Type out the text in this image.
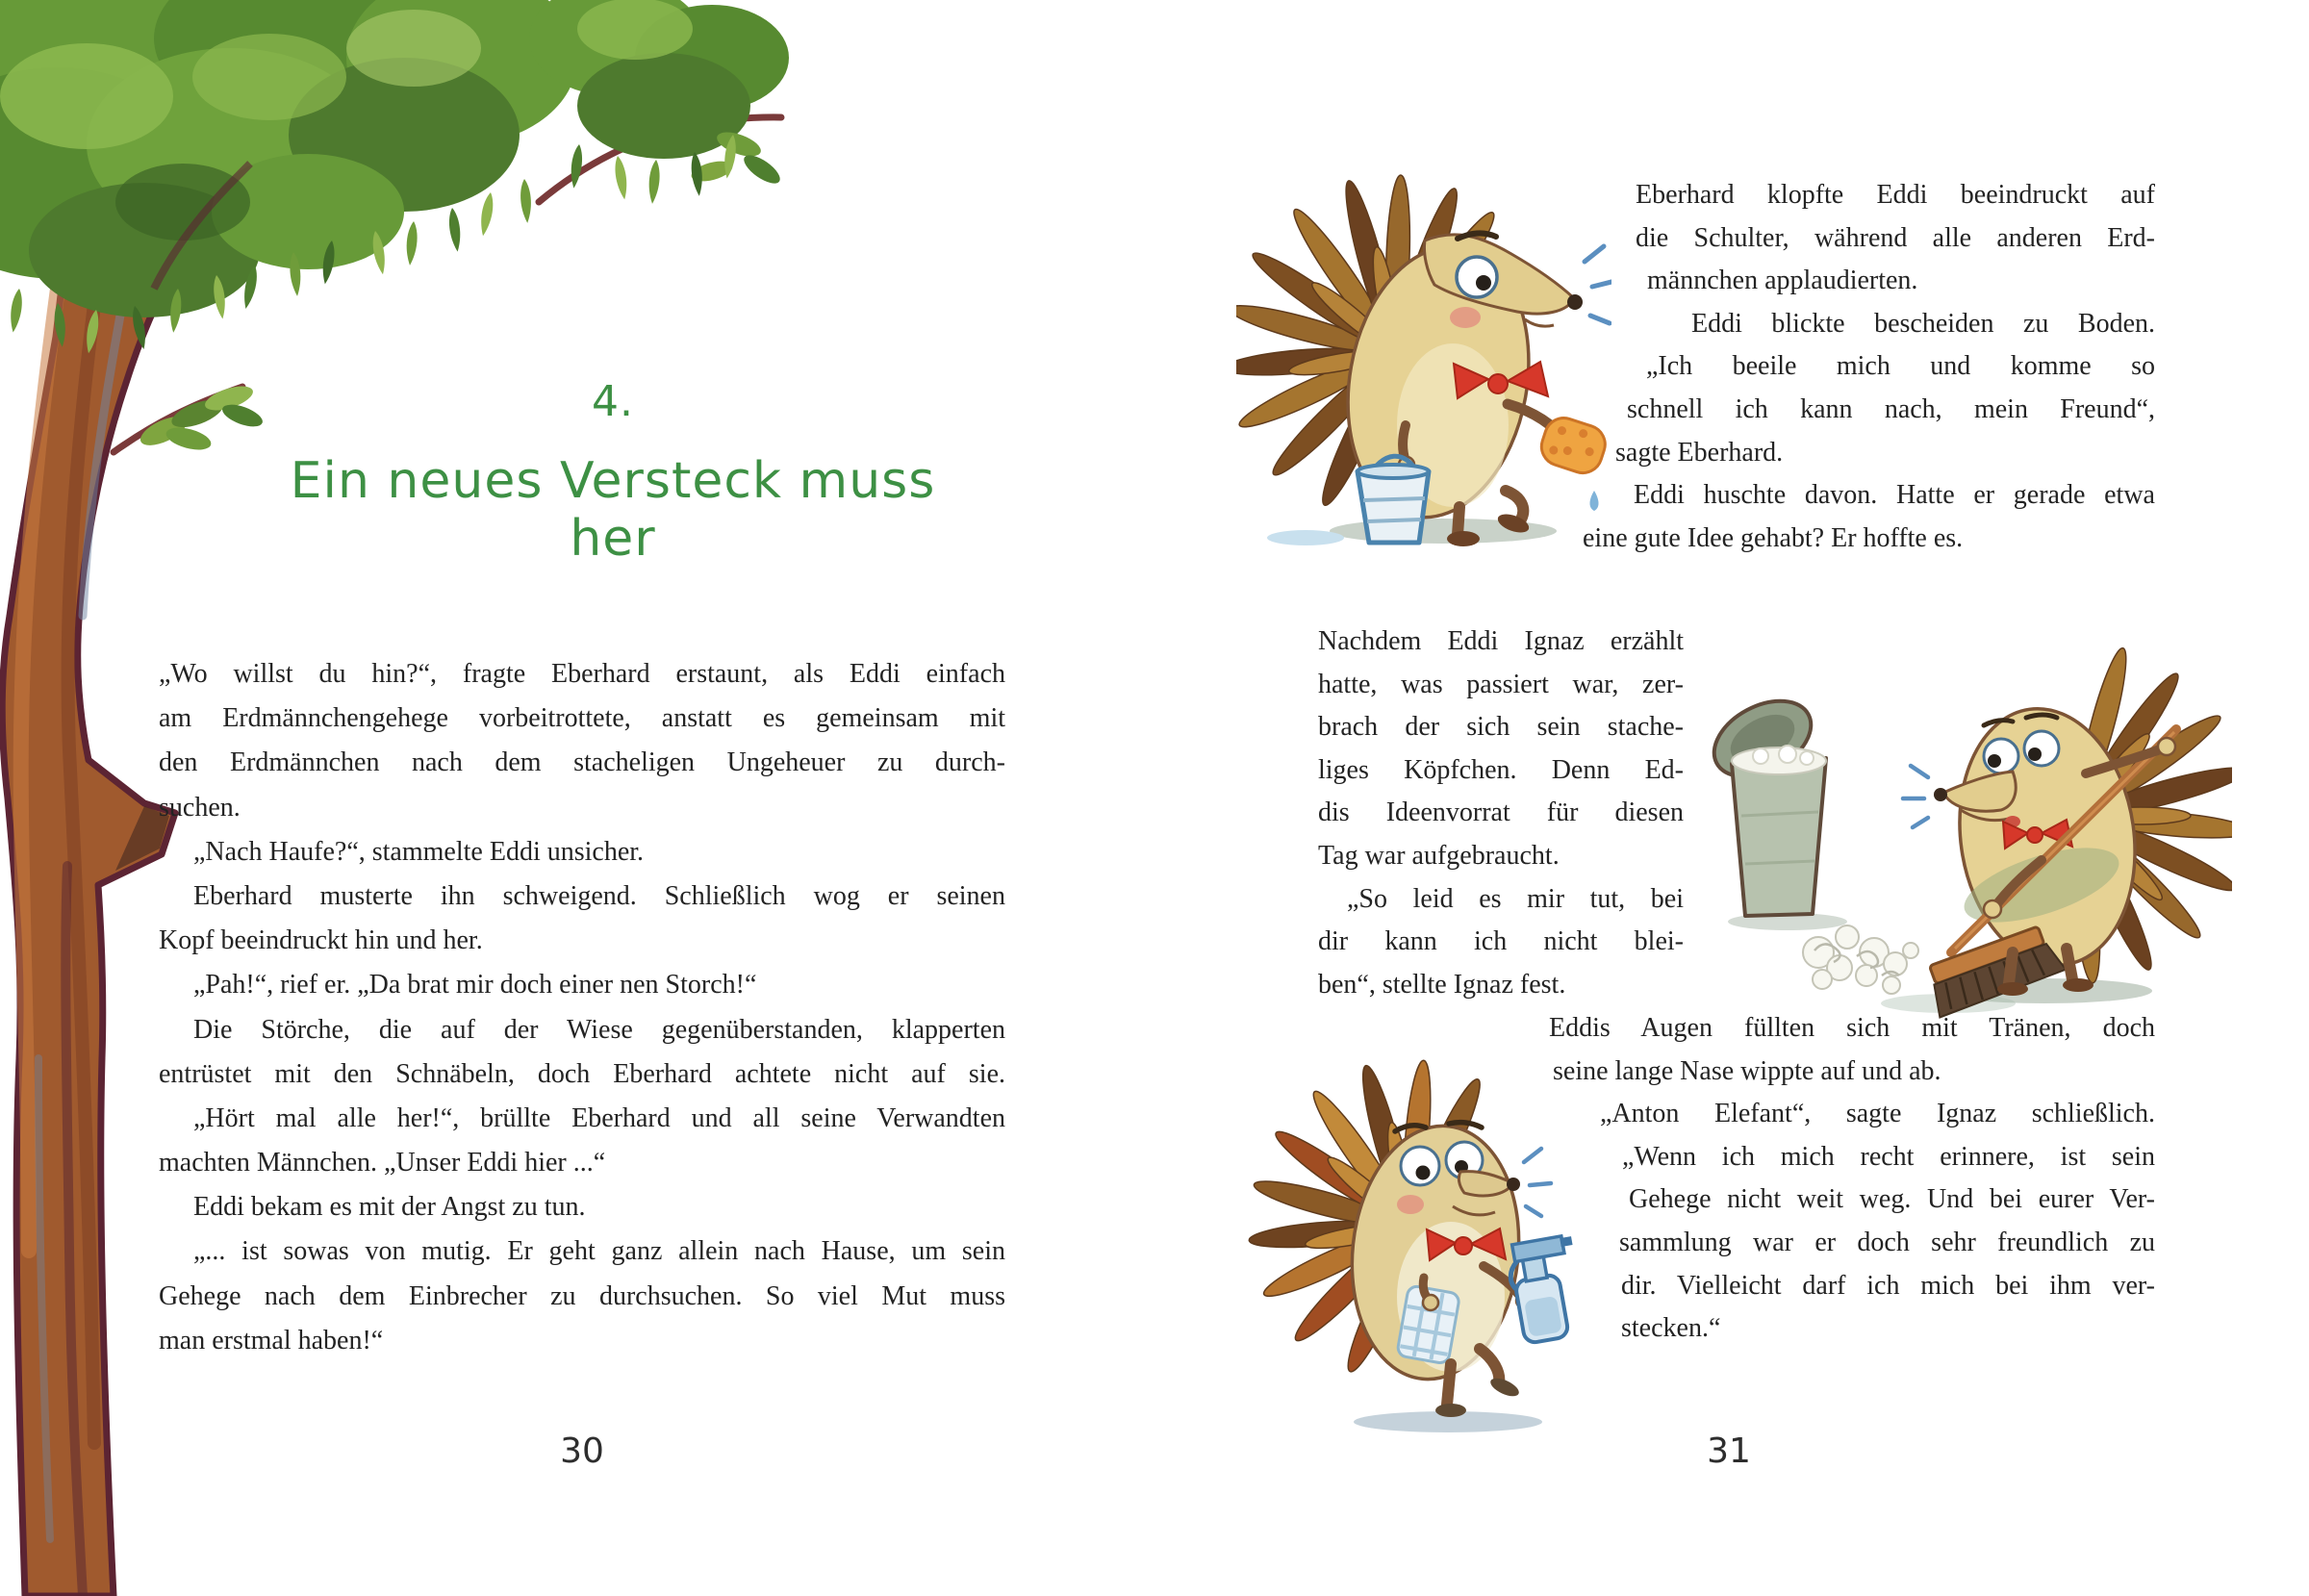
4.
Ein neues Versteck muss her
„Wo willst du hin?“, fragte Eberhard erstaunt, als Eddi einfach
am Erdmännchengehege vorbeitrottete, anstatt es gemeinsam mit
den Erdmännchen nach dem stacheligen Ungeheuer zu durch-
suchen.
„Nach Haufe?“, stammelte Eddi unsicher.
Eberhard musterte ihn schweigend. Schließlich wog er seinen
Kopf beeindruckt hin und her.
„Pah!“, rief er. „Da brat mir doch einer nen Storch!“
Die Störche, die auf der Wiese gegenüberstanden, klapperten
entrüstet mit den Schnäbeln, doch Eberhard achtete nicht auf sie.
„Hört mal alle her!“, brüllte Eberhard und all seine Verwandten
machten Männchen. „Unser Eddi hier ...“
Eddi bekam es mit der Angst zu tun.
„... ist sowas von mutig. Er geht ganz allein nach Hause, um sein
Gehege nach dem Einbrecher zu durchsuchen. So viel Mut muss
man erstmal haben!“
30
Eberhard klopfte Eddi beeindruckt auf
die Schulter, während alle anderen Erd-
männchen applaudierten.
Eddi blickte bescheiden zu Boden.
„Ich beeile mich und komme so
schnell ich kann nach, mein Freund“,
sagte Eberhard.
Eddi huschte davon. Hatte er gerade etwa
eine gute Idee gehabt? Er hoffte es.
Nachdem Eddi Ignaz erzählt
hatte, was passiert war, zer-
brach der sich sein stache-
liges Köpfchen. Denn Ed-
dis Ideenvorrat für diesen
Tag war aufgebraucht.
„So leid es mir tut, bei
dir kann ich nicht blei-
ben“, stellte Ignaz fest.
Eddis Augen füllten sich mit Tränen, doch
seine lange Nase wippte auf und ab.
„Anton Elefant“, sagte Ignaz schließlich.
„Wenn ich mich recht erinnere, ist sein
Gehege nicht weit weg. Und bei eurer Ver-
sammlung war er doch sehr freundlich zu
dir. Vielleicht darf ich mich bei ihm ver-
stecken.“
31
